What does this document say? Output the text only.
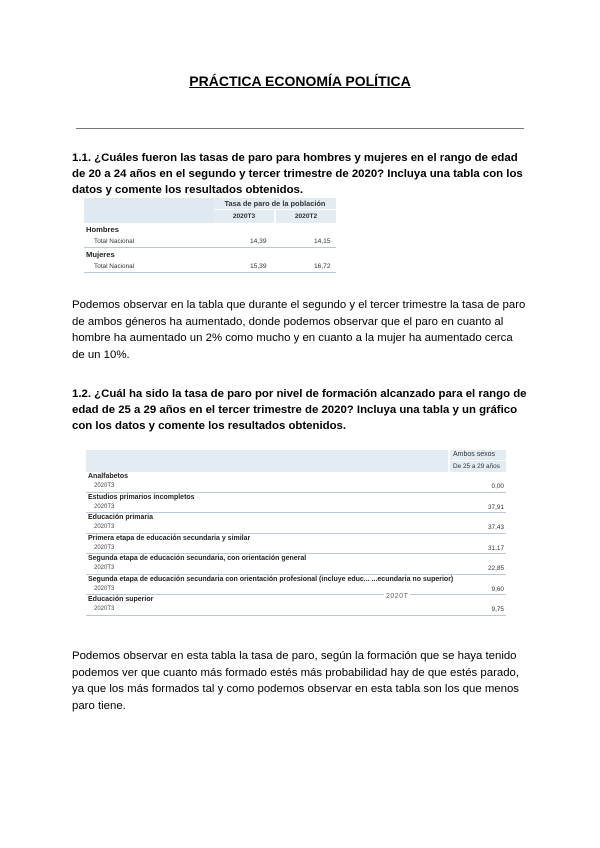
PRÁCTICA ECONOMÍA POLÍTICA
1.1. ¿Cuáles fueron las tasas de paro para hombres y mujeres en el rango de edad de 20 a 24 años en el segundo y tercer trimestre de 2020? Incluya una tabla con los datos y comente los resultados obtenidos.
Tasa de paro de la población
2020T3	2020T2
Hombres
Total Nacional	14,39	14,15
Mujeres
Total Nacional	15,39	16,72
Podemos observar en la tabla que durante el segundo y el tercer trimestre la tasa de paro de ambos géneros ha aumentado, donde podemos observar que el paro en cuanto al hombre ha aumentado un 2% como mucho y en cuanto a la mujer ha aumentado cerca de un 10%.
1.2. ¿Cuál ha sido la tasa de paro por nivel de formación alcanzado para el rango de edad de 25 a 29 años en el tercer trimestre de 2020? Incluya una tabla y un gráfico con los datos y comente los resultados obtenidos.
Ambos sexos
De 25 a 29 años
Analfabetos
2020T3	0,00
Estudios primarios incompletos
2020T3	37,91
Educación primaria
2020T3	37,43
Primera etapa de educación secundaria y similar
2020T3	31,17
Segunda etapa de educación secundaria, con orientación general
2020T3	22,85
Segunda etapa de educación secundaria con orientación profesional (incluye educ... ...ecundaria no superior)
2020T3	9,60
Educación superior
2020T3	9,75
2020T
Podemos observar en esta tabla la tasa de paro, según la formación que se haya tenido podemos ver que cuanto más formado estés más probabilidad hay de que estés parado, ya que los más formados tal y como podemos observar en esta tabla son los que menos paro tiene.
